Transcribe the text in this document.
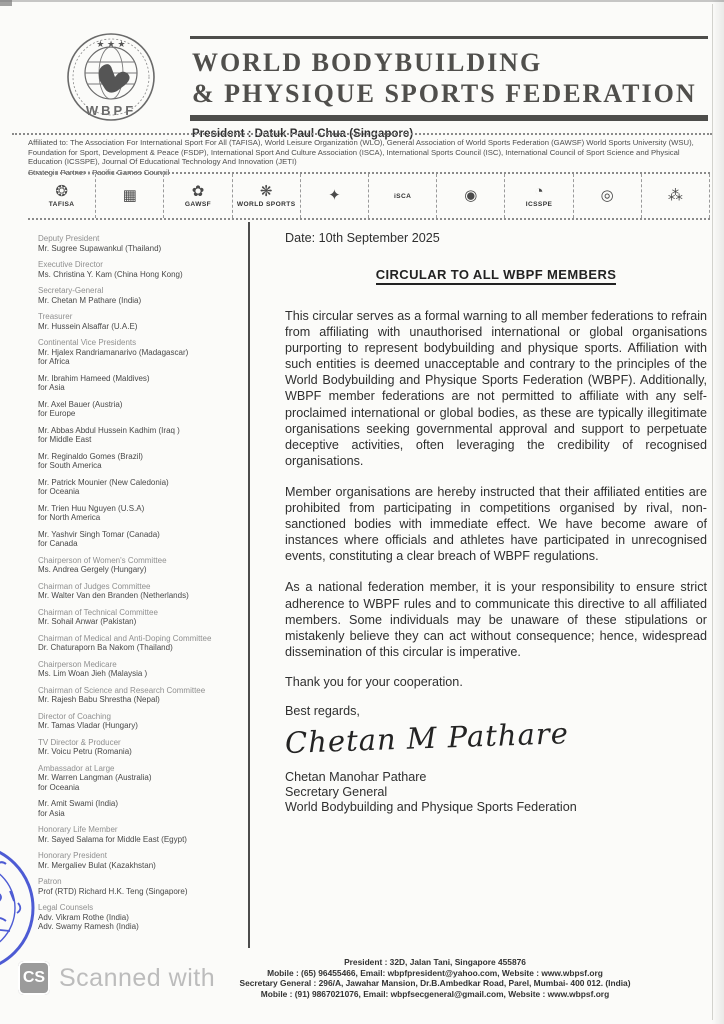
★ ★ ★
WBPF
WORLD BODYBUILDING
& PHYSIQUE SPORTS FEDERATION
President : Datuk Paul Chua (Singapore)
Affiliated to: The Association For International Sport For All (TAFISA), World Leisure Organization (WLO), General Association of World Sports Federation (GAWSF) World Sports University (WSU), Foundation for Sport, Development & Peace (FSDP), International Sport And Culture Association (ISCA), International Sports Council (ISC), International Council of Sport Science and Physical Education (ICSSPE), Journal Of Educational Technology And Innovation (JETI)
Strategic Partner : Pacific Games Council
❂
TAFISA
▦	✿
GAWSF
❋
WORLD SPORTS
✦	iSCA	◉	◔
ICSSPE
◎	⁂
Deputy President
Mr. Sugree Supawankul (Thailand)
Executive Director
Ms. Christina Y. Kam (China Hong Kong)
Secretary-General
Mr. Chetan M Pathare (India)
Treasurer
Mr. Hussein Alsaffar (U.A.E)
Continental Vice Presidents
Mr. Hjalex Randriamanarivo (Madagascar)
for Africa
Mr. Ibrahim Hameed (Maldives)
for Asia
Mr. Axel Bauer (Austria)
for Europe
Mr. Abbas Abdul Hussein Kadhim (Iraq )
for Middle East
Mr. Reginaldo Gomes (Brazil)
for South America
Mr. Patrick Mounier (New Caledonia)
for Oceania
Mr. Trien Huu Nguyen (U.S.A)
for North America
Mr. Yashvir Singh Tomar (Canada)
for Canada
Chairperson of Women's Committee
Ms. Andrea Gergely (Hungary)
Chairman of Judges Committee
Mr. Walter Van den Branden (Netherlands)
Chairman of Technical Committee
Mr. Sohail Anwar (Pakistan)
Chairman of Medical and Anti-Doping Committee
Dr. Chaturaporn Ba Nakom (Thailand)
Chairperson Medicare
Ms. Lim Woan Jieh (Malaysia )
Chairman of Science and Research Committee
Mr. Rajesh Babu Shrestha (Nepal)
Director of Coaching
Mr. Tamas Vladar (Hungary)
TV Director & Producer
Mr. Voicu Petru (Romania)
Ambassador at Large
Mr. Warren Langman (Australia)
for Oceania
Mr. Amit Swami (India)
for Asia
Honorary Life Member
Mr. Sayed Salama for Middle East (Egypt)
Honorary President
Mr. Mergaliev Bulat (Kazakhstan)
Patron
Prof (RTD) Richard H.K. Teng (Singapore)
Legal Counsels
Adv. Vikram Rothe (India)
Adv. Swamy Ramesh (India)
Date: 10th September 2025
CIRCULAR TO ALL WBPF MEMBERS

This circular serves as a formal warning to all member federations to refrain from affiliating with unauthorised international or global organisations purporting to represent bodybuilding and physique sports. Affiliation with such entities is deemed unacceptable and contrary to the principles of the World Bodybuilding and Physique Sports Federation (WBPF). Additionally, WBPF member federations are not permitted to affiliate with any self-proclaimed international or global bodies, as these are typically illegitimate organisations seeking governmental approval and support to perpetuate deceptive activities, often leveraging the credibility of recognised organisations.

Member organisations are hereby instructed that their affiliated entities are prohibited from participating in competitions organised by rival, non-sanctioned bodies with immediate effect. We have become aware of instances where officials and athletes have participated in unrecognised events, constituting a clear breach of WBPF regulations.

As a national federation member, it is your responsibility to ensure strict adherence to WBPF rules and to communicate this directive to all affiliated members. Some individuals may be unaware of these stipulations or mistakenly believe they can act without consequence; hence, widespread dissemination of this circular is imperative.

Thank you for your cooperation.
Best regards,
Chetan M Pathare
Chetan Manohar Pathare
Secretary General
World Bodybuilding and Physique Sports Federation
CS Scanned with
President : 32D, Jalan Tani, Singapore 455876
Mobile : (65) 96455466, Email: wbpfpresident@yahoo.com, Website : www.wbpsf.org
Secretary General : 296/A, Jawahar Mansion, Dr.B.Ambedkar Road, Parel, Mumbai- 400 012. (India)
Mobile : (91) 9867021076, Email: wbpfsecgeneral@gmail.com, Website : www.wbpsf.org
